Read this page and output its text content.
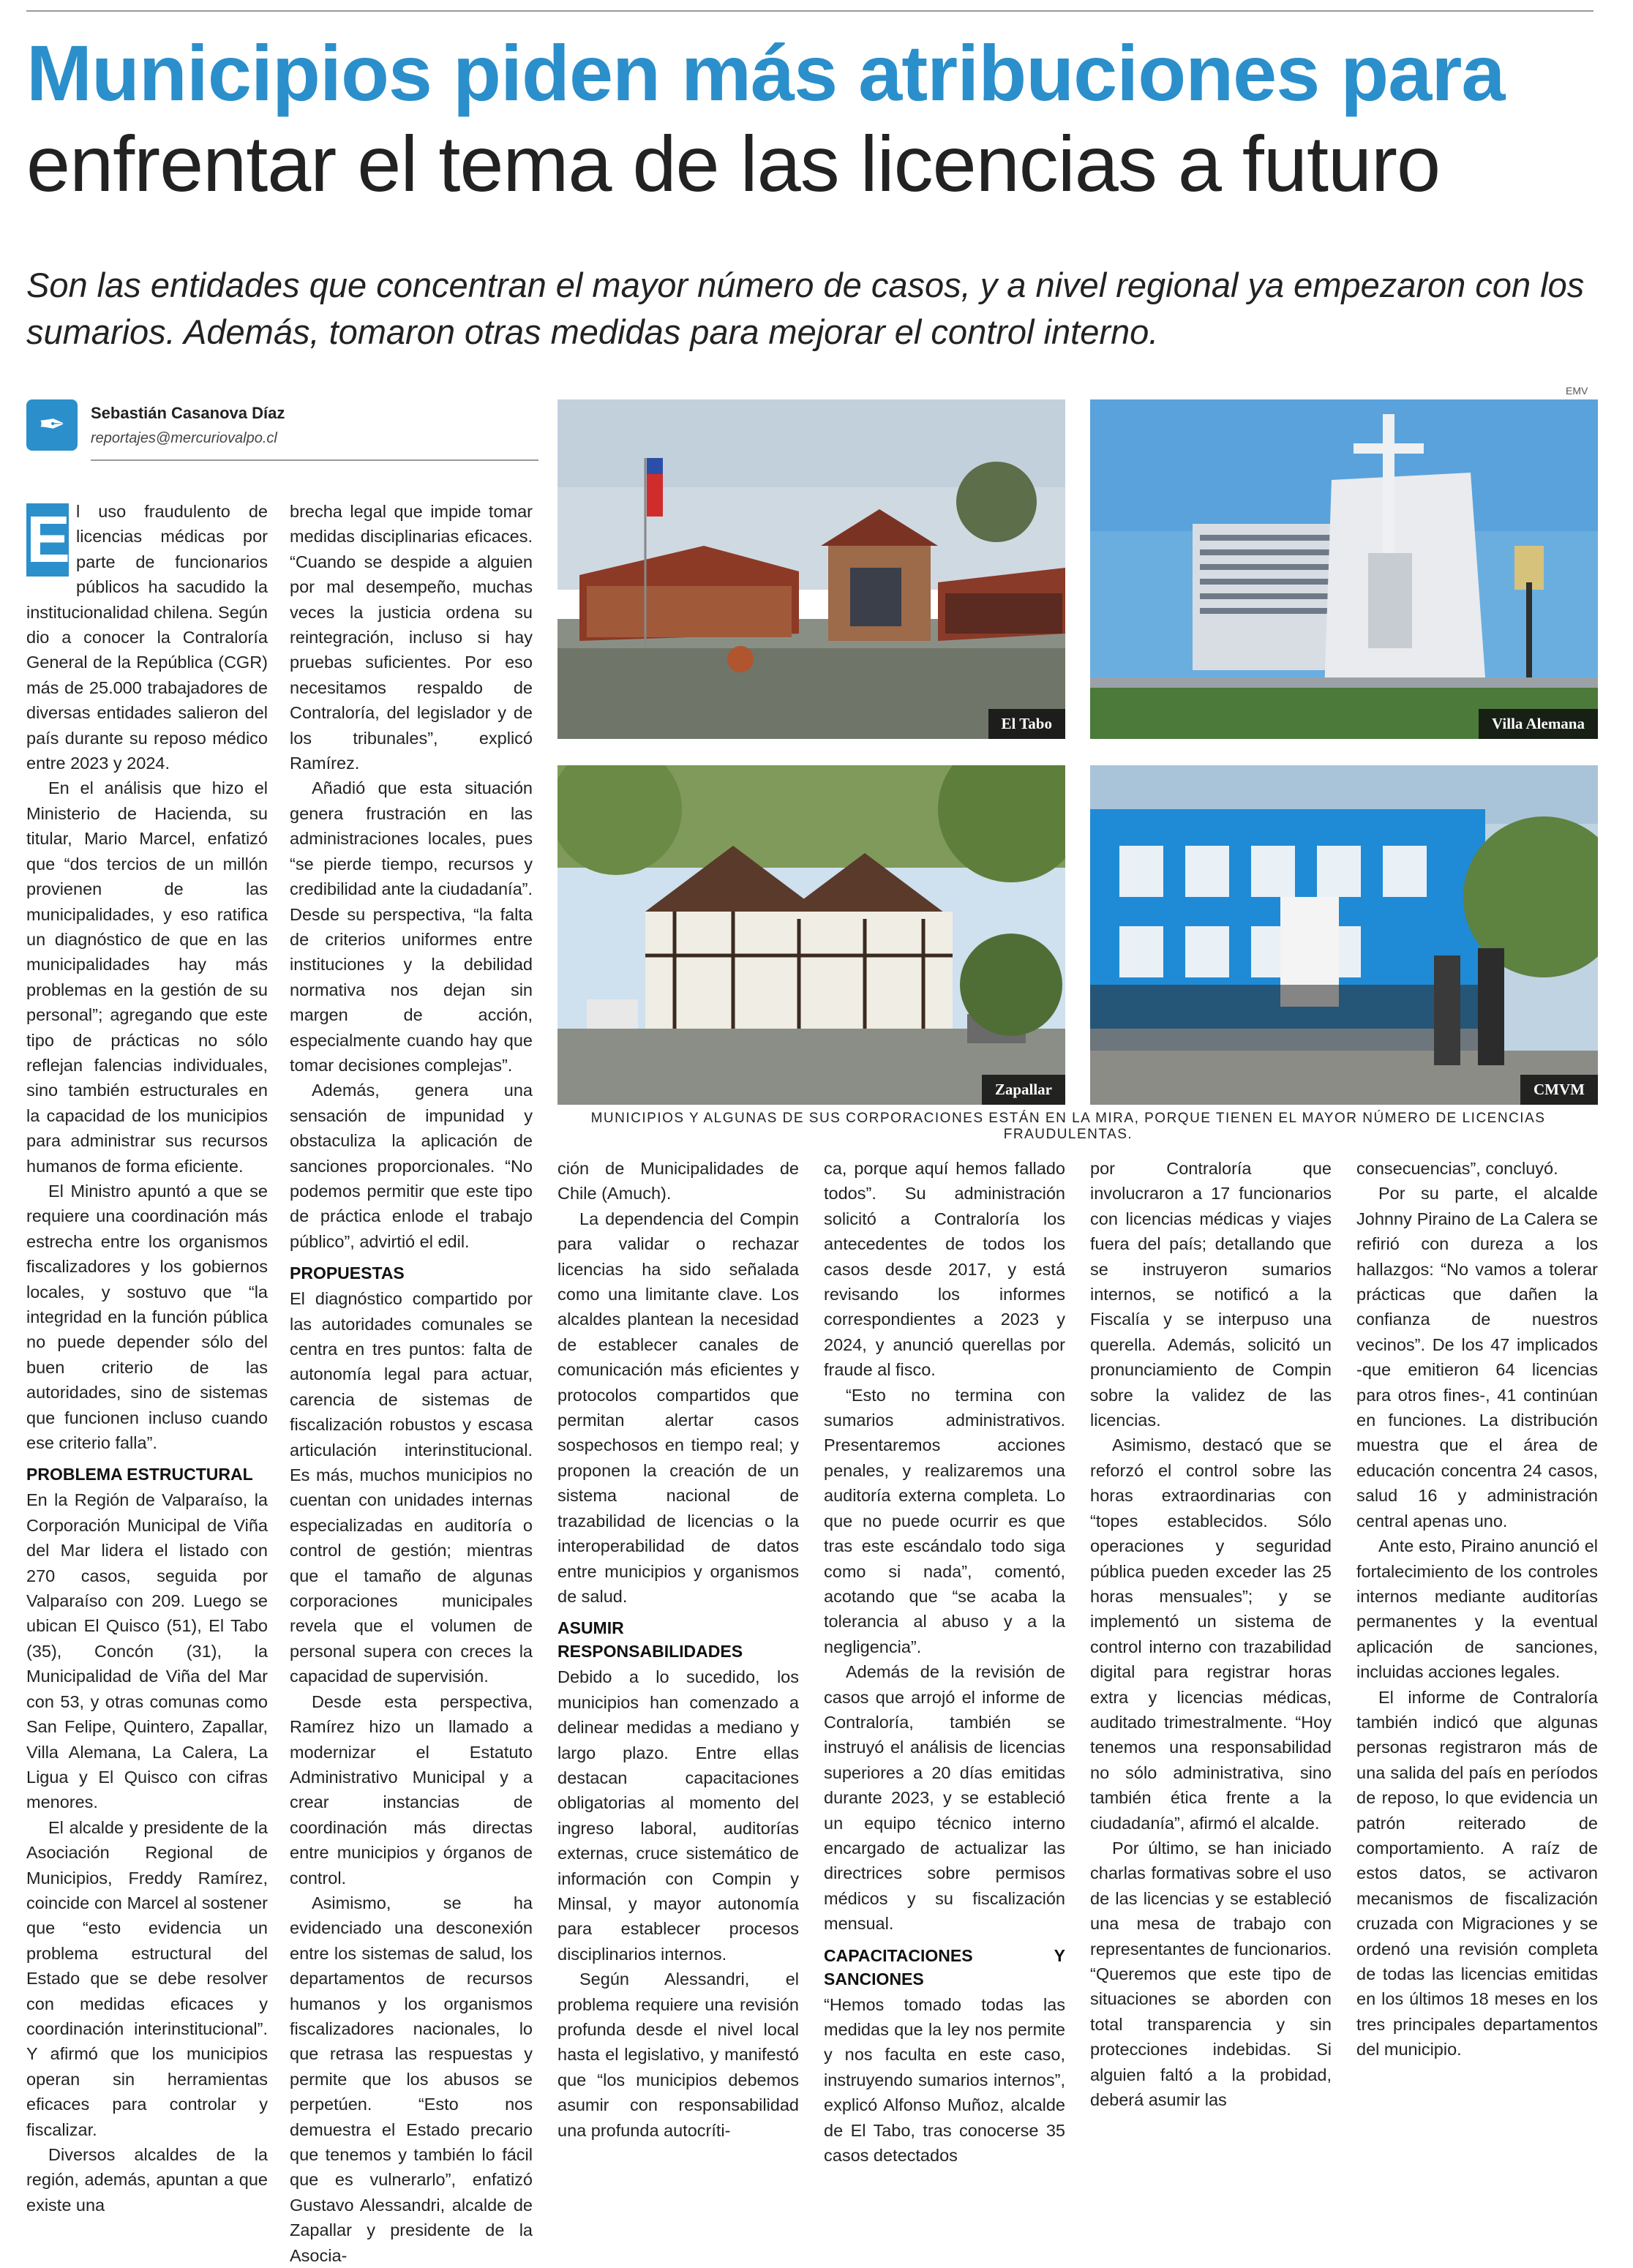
Municipios piden más atribuciones para
enfrentar el tema de las licencias a futuro

Son las entidades que concentran el mayor número de casos, y a nivel regional ya empezaron con los sumarios. Además, tomaron otras medidas para mejorar el control interno.

✒	Sebastián Casanova Díaz
reportajes@mercuriovalpo.cl
EMV
El Tabo	Villa Alemana
Zapallar	CMVM
MUNICIPIOS Y ALGUNAS DE SUS CORPORACIONES ESTÁN EN LA MIRA, PORQUE TIENEN EL MAYOR NÚMERO DE LICENCIAS FRAUDULENTAS.

E l uso fraudulento de licencias médicas por parte de funcionarios públicos ha sacudido la institucionalidad chilena. Según dio a conocer la Contraloría General de la República (CGR) más de 25.000 trabajadores de diversas entidades salieron del país durante su reposo médico entre 2023 y 2024.

En el análisis que hizo el Ministerio de Hacienda, su titular, Mario Marcel, enfatizó que “dos tercios de un millón provienen de las municipalidades, y eso ratifica un diagnóstico de que en las municipalidades hay más problemas en la gestión de su personal”; agregando que este tipo de prácticas no sólo reflejan falencias individuales, sino también estructurales en la capacidad de los municipios para administrar sus recursos humanos de forma eficiente.

El Ministro apuntó a que se requiere una coordinación más estrecha entre los organismos fiscalizadores y los gobiernos locales, y sostuvo que “la integridad en la función pública no puede depender sólo del buen criterio de las autoridades, sino de sistemas que funcionen incluso cuando ese criterio falla”.

PROBLEMA ESTRUCTURAL

En la Región de Valparaíso, la Corporación Municipal de Viña del Mar lidera el listado con 270 casos, seguida por Valparaíso con 209. Luego se ubican El Quisco (51), El Tabo (35), Concón (31), la Municipalidad de Viña del Mar con 53, y otras comunas como San Felipe, Quintero, Zapallar, Villa Alemana, La Calera, La Ligua y El Quisco con cifras menores.

El alcalde y presidente de la Asociación Regional de Municipios, Freddy Ramírez, coincide con Marcel al sostener que “esto evidencia un problema estructural del Estado que se debe resolver con medidas eficaces y coordinación interinstitucional”. Y afirmó que los municipios operan sin herramientas eficaces para controlar y fiscalizar.

Diversos alcaldes de la región, además, apuntan a que existe una

brecha legal que impide tomar medidas disciplinarias eficaces. “Cuando se despide a alguien por mal desempeño, muchas veces la justicia ordena su reintegración, incluso si hay pruebas suficientes. Por eso necesitamos respaldo de Contraloría, del legislador y de los tribunales”, explicó Ramírez.

Añadió que esta situación genera frustración en las administraciones locales, pues “se pierde tiempo, recursos y credibilidad ante la ciudadanía”. Desde su perspectiva, “la falta de criterios uniformes entre instituciones y la debilidad normativa nos dejan sin margen de acción, especialmente cuando hay que tomar decisiones complejas”.

Además, genera una sensación de impunidad y obstaculiza la aplicación de sanciones proporcionales. “No podemos permitir que este tipo de práctica enlode el trabajo público”, advirtió el edil.

PROPUESTAS

El diagnóstico compartido por las autoridades comunales se centra en tres puntos: falta de autonomía legal para actuar, carencia de sistemas de fiscalización robustos y escasa articulación interinstitucional. Es más, muchos municipios no cuentan con unidades internas especializadas en auditoría o control de gestión; mientras que el tamaño de algunas corporaciones municipales revela que el volumen de personal supera con creces la capacidad de supervisión.

Desde esta perspectiva, Ramírez hizo un llamado a modernizar el Estatuto Administrativo Municipal y a crear instancias de coordinación más directas entre municipios y órganos de control.

Asimismo, se ha evidenciado una desconexión entre los sistemas de salud, los departamentos de recursos humanos y los organismos fiscalizadores nacionales, lo que retrasa las respuestas y permite que los abusos se perpetúen. “Esto nos demuestra el Estado precario que tenemos y también lo fácil que es vulnerarlo”, enfatizó Gustavo Alessandri, alcalde de Zapallar y presidente de la Asocia-

ción de Municipalidades de Chile (Amuch).

La dependencia del Compin para validar o rechazar licencias ha sido señalada como una limitante clave. Los alcaldes plantean la necesidad de establecer canales de comunicación más eficientes y protocolos compartidos que permitan alertar casos sospechosos en tiempo real; y proponen la creación de un sistema nacional de trazabilidad de licencias o la interoperabilidad de datos entre municipios y organismos de salud.

ASUMIR RESPONSABILIDADES

Debido a lo sucedido, los municipios han comenzado a delinear medidas a mediano y largo plazo. Entre ellas destacan capacitaciones obligatorias al momento del ingreso laboral, auditorías externas, cruce sistemático de información con Compin y Minsal, y mayor autonomía para establecer procesos disciplinarios internos.

Según Alessandri, el problema requiere una revisión profunda desde el nivel local hasta el legislativo, y manifestó que “los municipios debemos asumir con responsabilidad una profunda autocríti-

ca, porque aquí hemos fallado todos”. Su administración solicitó a Contraloría los antecedentes de todos los casos desde 2017, y está revisando los informes correspondientes a 2023 y 2024, y anunció querellas por fraude al fisco.

“Esto no termina con sumarios administrativos. Presentaremos acciones penales, y realizaremos una auditoría externa completa. Lo que no puede ocurrir es que tras este escándalo todo siga como si nada”, comentó, acotando que “se acaba la tolerancia al abuso y a la negligencia”.

Además de la revisión de casos que arrojó el informe de Contraloría, también se instruyó el análisis de licencias superiores a 20 días emitidas durante 2023, y se estableció un equipo técnico interno encargado de actualizar las directrices sobre permisos médicos y su fiscalización mensual.

CAPACITACIONES Y SANCIONES

“Hemos tomado todas las medidas que la ley nos permite y nos faculta en este caso, instruyendo sumarios internos”, explicó Alfonso Muñoz, alcalde de El Tabo, tras conocerse 35 casos detectados

por Contraloría que involucraron a 17 funcionarios con licencias médicas y viajes fuera del país; detallando que se instruyeron sumarios internos, se notificó a la Fiscalía y se interpuso una querella. Además, solicitó un pronunciamiento de Compin sobre la validez de las licencias.

Asimismo, destacó que se reforzó el control sobre las horas extraordinarias con “topes establecidos. Sólo operaciones y seguridad pública pueden exceder las 25 horas mensuales”; y se implementó un sistema de control interno con trazabilidad digital para registrar horas extra y licencias médicas, auditado trimestralmente. “Hoy tenemos una responsabilidad no sólo administrativa, sino también ética frente a la ciudadanía”, afirmó el alcalde.

Por último, se han iniciado charlas formativas sobre el uso de las licencias y se estableció una mesa de trabajo con representantes de funcionarios. “Queremos que este tipo de situaciones se aborden con total transparencia y sin protecciones indebidas. Si alguien faltó a la probidad, deberá asumir las

consecuencias”, concluyó.

Por su parte, el alcalde Johnny Piraino de La Calera se refirió con dureza a los hallazgos: “No vamos a tolerar prácticas que dañen la confianza de nuestros vecinos”. De los 47 implicados -que emitieron 64 licencias para otros fines-, 41 continúan en funciones. La distribución muestra que el área de educación concentra 24 casos, salud 16 y administración central apenas uno.

Ante esto, Piraino anunció el fortalecimiento de los controles internos mediante auditorías permanentes y la eventual aplicación de sanciones, incluidas acciones legales.

El informe de Contraloría también indicó que algunas personas registraron más de una salida del país en períodos de reposo, lo que evidencia un patrón reiterado de comportamiento. A raíz de estos datos, se activaron mecanismos de fiscalización cruzada con Migraciones y se ordenó una revisión completa de todas las licencias emitidas en los últimos 18 meses en los tres principales departamentos del municipio.
